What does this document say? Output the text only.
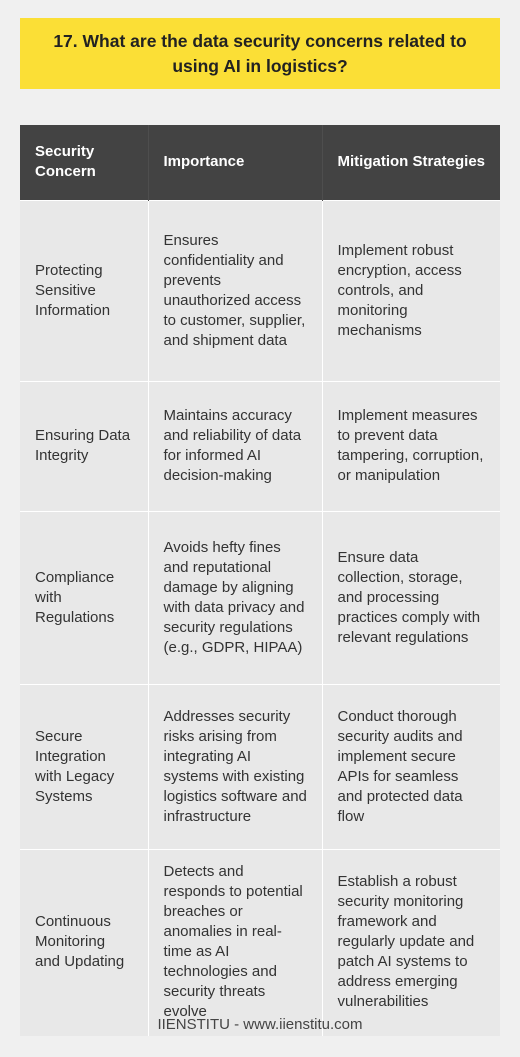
17. What are the data security concerns related to using AI in logistics?
Security Concern	Importance	Mitigation Strategies
Protecting Sensitive Information	Ensures confidentiality and prevents unauthorized access to customer, supplier, and shipment data	Implement robust encryption, access controls, and monitoring mechanisms
Ensuring Data Integrity	Maintains accuracy and reliability of data for informed AI decision-making	Implement measures to prevent data tampering, corruption, or manipulation
Compliance with Regulations	Avoids hefty fines and reputational damage by aligning with data privacy and security regulations (e.g., GDPR, HIPAA)	Ensure data collection, storage, and processing practices comply with relevant regulations
Secure Integration with Legacy Systems	Addresses security risks arising from integrating AI systems with existing logistics software and infrastructure	Conduct thorough security audits and implement secure APIs for seamless and protected data flow
Continuous Monitoring and Updating	Detects and responds to potential breaches or anomalies in real-time as AI technologies and security threats evolve	Establish a robust security monitoring framework and regularly update and patch AI systems to address emerging vulnerabilities
IIENSTITU - www.iienstitu.com
